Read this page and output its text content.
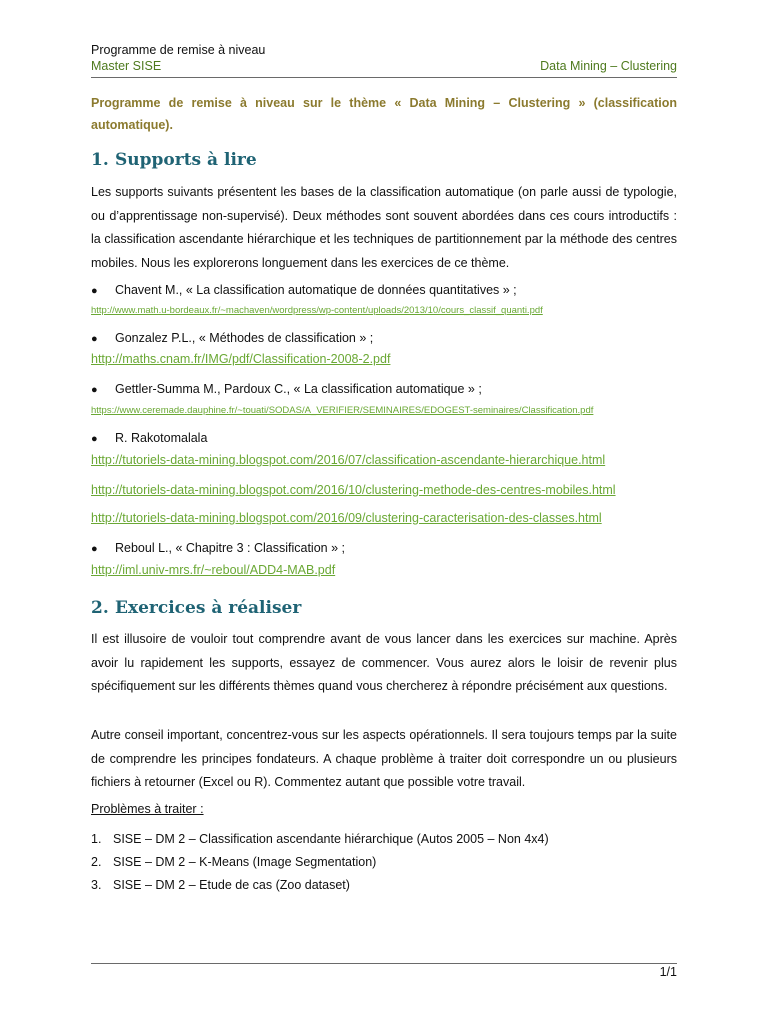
Programme de remise à niveau
Master SISE	Data Mining – Clustering
Programme de remise à niveau sur le thème « Data Mining – Clustering » (classification automatique).
1. Supports à lire
Les supports suivants présentent les bases de la classification automatique (on parle aussi de typologie, ou d’apprentissage non-supervisé). Deux méthodes sont souvent abordées dans ces cours introductifs : la classification ascendante hiérarchique et les techniques de partitionnement par la méthode des centres mobiles. Nous les explorerons longuement dans les exercices de ce thème.
● Chavent M., « La classification automatique de données quantitatives » ;
http://www.math.u-bordeaux.fr/~machaven/wordpress/wp-content/uploads/2013/10/cours_classif_quanti.pdf
● Gonzalez P.L., « Méthodes de classification » ;
http://maths.cnam.fr/IMG/pdf/Classification-2008-2.pdf
● Gettler-Summa M., Pardoux C., « La classification automatique » ;
https://www.ceremade.dauphine.fr/~touati/SODAS/A_VERIFIER/SEMINAIRES/EDOGEST-seminaires/Classification.pdf
● R. Rakotomalala
http://tutoriels-data-mining.blogspot.com/2016/07/classification-ascendante-hierarchique.html
http://tutoriels-data-mining.blogspot.com/2016/10/clustering-methode-des-centres-mobiles.html
http://tutoriels-data-mining.blogspot.com/2016/09/clustering-caracterisation-des-classes.html
● Reboul L., « Chapitre 3 : Classification » ;
http://iml.univ-mrs.fr/~reboul/ADD4-MAB.pdf
2. Exercices à réaliser
Il est illusoire de vouloir tout comprendre avant de vous lancer dans les exercices sur machine. Après avoir lu rapidement les supports, essayez de commencer. Vous aurez alors le loisir de revenir plus spécifiquement sur les différents thèmes quand vous chercherez à répondre précisément aux questions.
Autre conseil important, concentrez-vous sur les aspects opérationnels. Il sera toujours temps par la suite de comprendre les principes fondateurs. A chaque problème à traiter doit correspondre un ou plusieurs fichiers à retourner (Excel ou R). Commentez autant que possible votre travail.
Problèmes à traiter :
1. SISE – DM 2 – Classification ascendante hiérarchique (Autos 2005 – Non 4x4)
2. SISE – DM 2 – K-Means (Image Segmentation)
3. SISE – DM 2 – Etude de cas (Zoo dataset)
1/1
